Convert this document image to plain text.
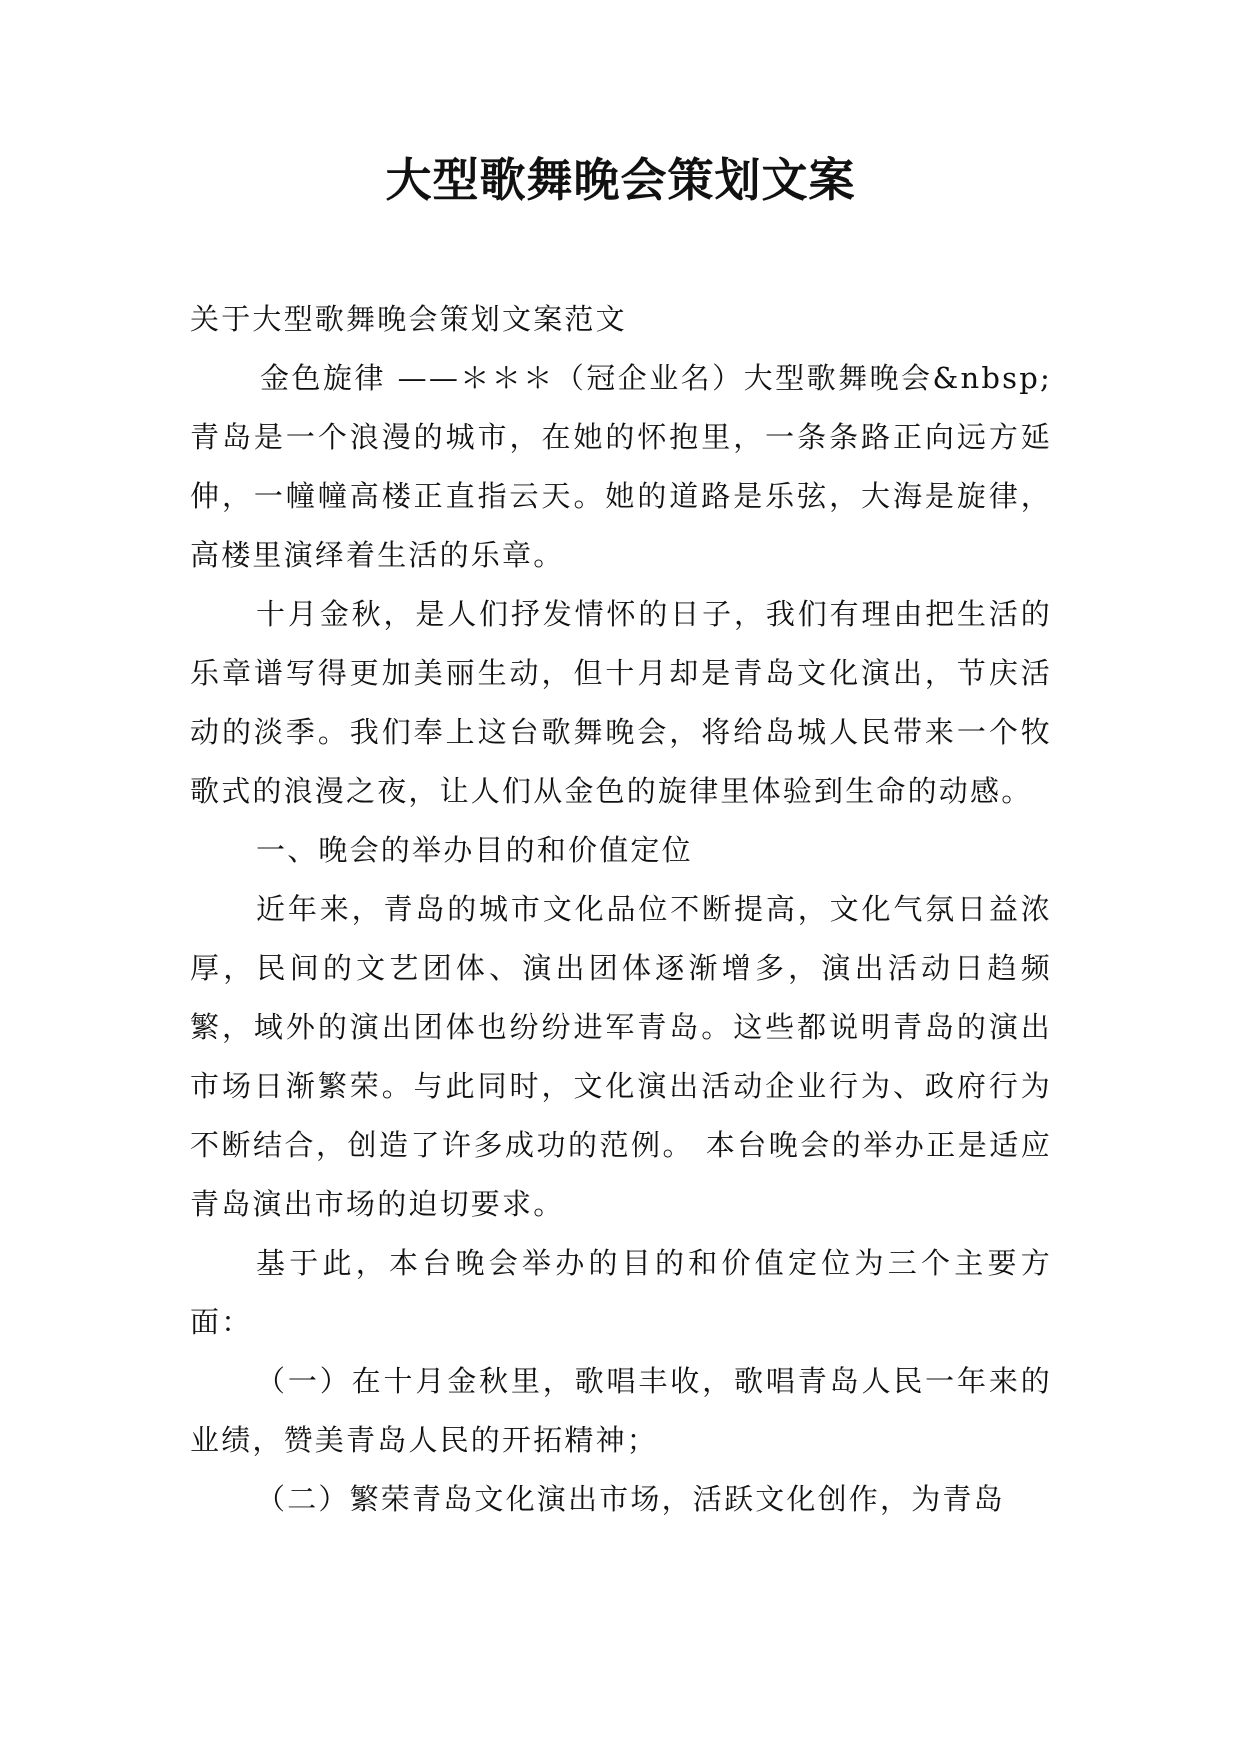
大型歌舞晚会策划文案

关于大型歌舞晚会策划文案范文

金色旋律 ——＊＊＊（冠企业名）大型歌舞晚会&nbsp;青岛是一个浪漫的城市，在她的怀抱里，一条条路正向远方延伸，一幢幢高楼正直指云天。她的道路是乐弦，大海是旋律，高楼里演绎着生活的乐章。

十月金秋，是人们抒发情怀的日子，我们有理由把生活的乐章谱写得更加美丽生动，但十月却是青岛文化演出，节庆活动的淡季。我们奉上这台歌舞晚会，将给岛城人民带来一个牧歌式的浪漫之夜，让人们从金色的旋律里体验到生命的动感。

一、晚会的举办目的和价值定位

近年来，青岛的城市文化品位不断提高，文化气氛日益浓厚，民间的文艺团体、演出团体逐渐增多，演出活动日趋频繁，域外的演出团体也纷纷进军青岛。这些都说明青岛的演出市场日渐繁荣。与此同时，文化演出活动企业行为、政府行为不断结合，创造了许多成功的范例。 本台晚会的举办正是适应青岛演出市场的迫切要求。

基于此，本台晚会举办的目的和价值定位为三个主要方面：

（一）在十月金秋里，歌唱丰收，歌唱青岛人民一年来的业绩，赞美青岛人民的开拓精神；

（二）繁荣青岛文化演出市场，活跃文化创作，为青岛
